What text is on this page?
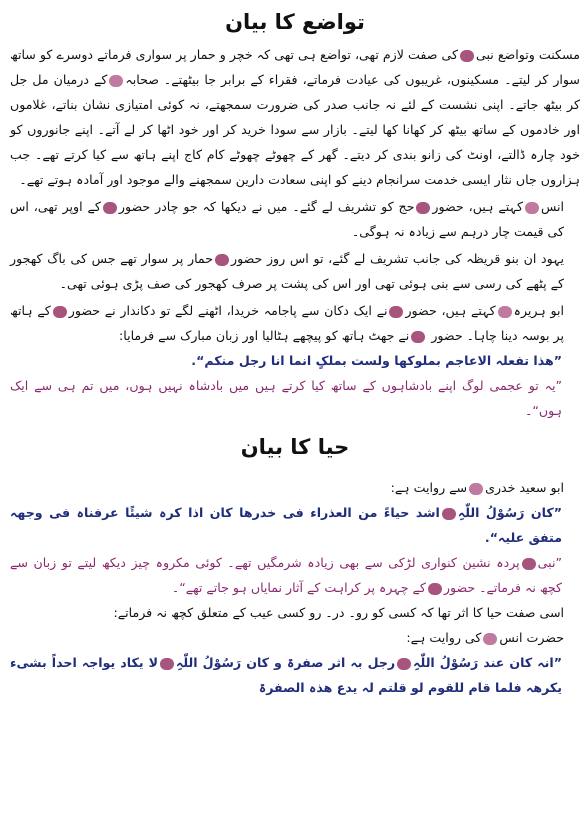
تواضع کا بیان

مسکنت وتواضع نبیکی صفت لازم تھی، تواضع ہی تھی کہ خچر و حمار پر سواری فرماتے دوسرے کو ساتھ سوار کر لیتے۔ مسکینوں، غریبوں کی عیادت فرماتے، فقراء کے برابر جا بیٹھتے۔ صحابہکے درمیان مل جل کر بیٹھ جاتے۔ اپنی نشست کے لئے نہ جانب صدر کی ضرورت سمجھتے، نہ کوئی امتیازی نشان بناتے، غلاموں اور خادموں کے ساتھ بیٹھ کر کھانا کھا لیتے۔ بازار سے سودا خرید کر اور خود اٹھا کر لے آتے۔ اپنے جانوروں کو خود چارہ ڈالتے، اونٹ کی زانو بندی کر دیتے۔ گھر کے چھوٹے چھوٹے کام کاج اپنے ہاتھ سے کیا کرتے تھے۔ جب ہزاروں جاں نثار ایسی خدمت سرانجام دینے کو اپنی سعادت دارین سمجھنے والے موجود اور آمادہ ہوتے تھے۔

انسکہتے ہیں، حضورحج کو تشریف لے گئے۔ میں نے دیکھا کہ جو چادر حضورکے اوپر تھی، اس کی قیمت چار درہم سے زیادہ نہ ہوگی۔

یہود ان بنو قریظہ کی جانب تشریف لے گئے، تو اس روز حضورحمار پر سوار تھے جس کی باگ کھجور کے پٹھے کی رسی سے بنی ہوئی تھی اور اس کی پشت پر صرف کھجور کی صف پڑی ہوئی تھی۔

ابو ہریرہکہتے ہیں، حضورنے ایک دکان سے پاجامہ خریدا، اٹھنے لگے تو دکاندار نے حضورکے ہاتھ پر بوسہ دینا چاہا۔ حضور نے جھٹ ہاتھ کو پیچھے ہٹالیا اور زبان مبارک سے فرمایا:

”ھذا تفعلہ الاعاجم بملوکھا ولست بملکٍ انما انا رجل منکم“.

”یہ تو عجمی لوگ اپنے بادشاہوں کے ساتھ کیا کرتے ہیں میں بادشاہ نہیں ہوں، میں تم ہی سے ایک ہوں“۔

حیا کا بیان

ابو سعید خدریسے روایت ہے:

”کان رَسُوْلُ اللّٰہِاشد حیاءً من العذراء فی خدرھا کان اذا کرہ شیئًا عرفناہ فی وجھہ متفق علیہ“.

”نبیپردہ نشین کنواری لڑکی سے بھی زیادہ شرمگیں تھے۔ کوئی مکروہ چیز دیکھ لیتے تو زبان سے کچھ نہ فرماتے۔ حضورکے چہرہ پر کراہت کے آثار نمایاں ہو جاتے تھے“۔

اسی صفت حیا کا اثر تھا کہ کسی کو رو۔ در۔ رو کسی عیب کے متعلق کچھ نہ فرماتے:

حضرت انسکی روایت ہے:

”انہ کان عند رَسُوْلُ اللّٰہِرجل بہ اثر صفرۃ و کان رَسُوْلُ اللّٰہِلا یکاد یواجہ احداً بشیء یکرھہ فلما قام للقوم لو قلتم لہ یدع ھذہ الصفرۃ
